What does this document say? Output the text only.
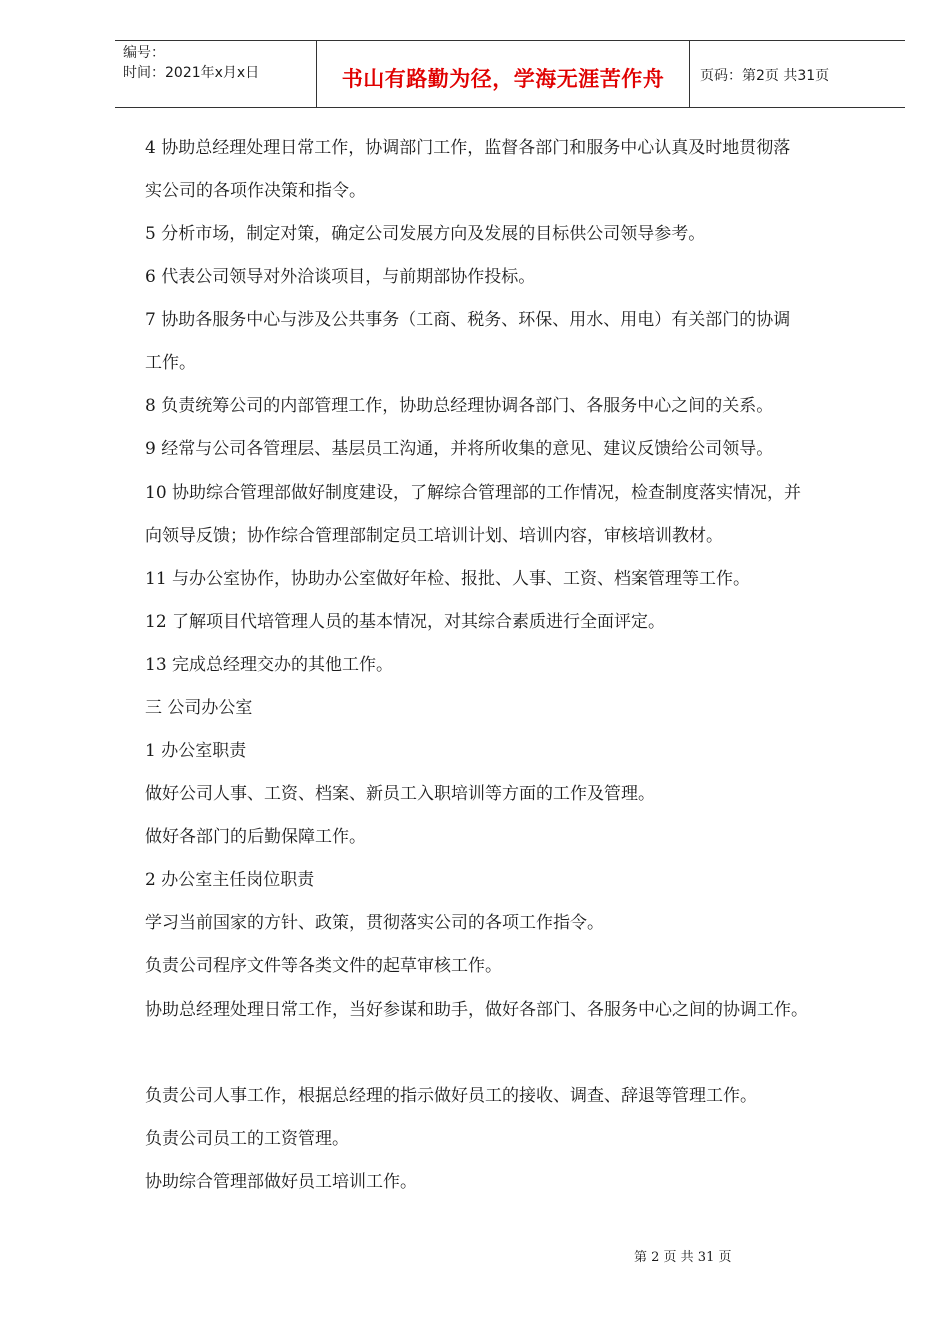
编号：
时间：2021年x月x日	书山有路勤为径，学海无涯苦作舟	页码：第2页 共31页
4 协助总经理处理日常工作，协调部门工作，监督各部门和服务中心认真及时地贯彻落
实公司的各项作决策和指令。
5 分析市场，制定对策，确定公司发展方向及发展的目标供公司领导参考。
6 代表公司领导对外洽谈项目，与前期部协作投标。
7 协助各服务中心与涉及公共事务（工商、税务、环保、用水、用电）有关部门的协调
工作。
8 负责统筹公司的内部管理工作，协助总经理协调各部门、各服务中心之间的关系。
9 经常与公司各管理层、基层员工沟通，并将所收集的意见、建议反馈给公司领导。
10 协助综合管理部做好制度建设，了解综合管理部的工作情况，检查制度落实情况，并
向领导反馈；协作综合管理部制定员工培训计划、培训内容，审核培训教材。
11 与办公室协作，协助办公室做好年检、报批、人事、工资、档案管理等工作。
12 了解项目代培管理人员的基本情况，对其综合素质进行全面评定。
13 完成总经理交办的其他工作。
三 公司办公室
1 办公室职责
做好公司人事、工资、档案、新员工入职培训等方面的工作及管理。
做好各部门的后勤保障工作。
2 办公室主任岗位职责
学习当前国家的方针、政策，贯彻落实公司的各项工作指令。
负责公司程序文件等各类文件的起草审核工作。
协助总经理处理日常工作，当好参谋和助手，做好各部门、各服务中心之间的协调工作。
负责公司人事工作，根据总经理的指示做好员工的接收、调查、辞退等管理工作。
负责公司员工的工资管理。
协助综合管理部做好员工培训工作。
第 2 页 共 31 页
